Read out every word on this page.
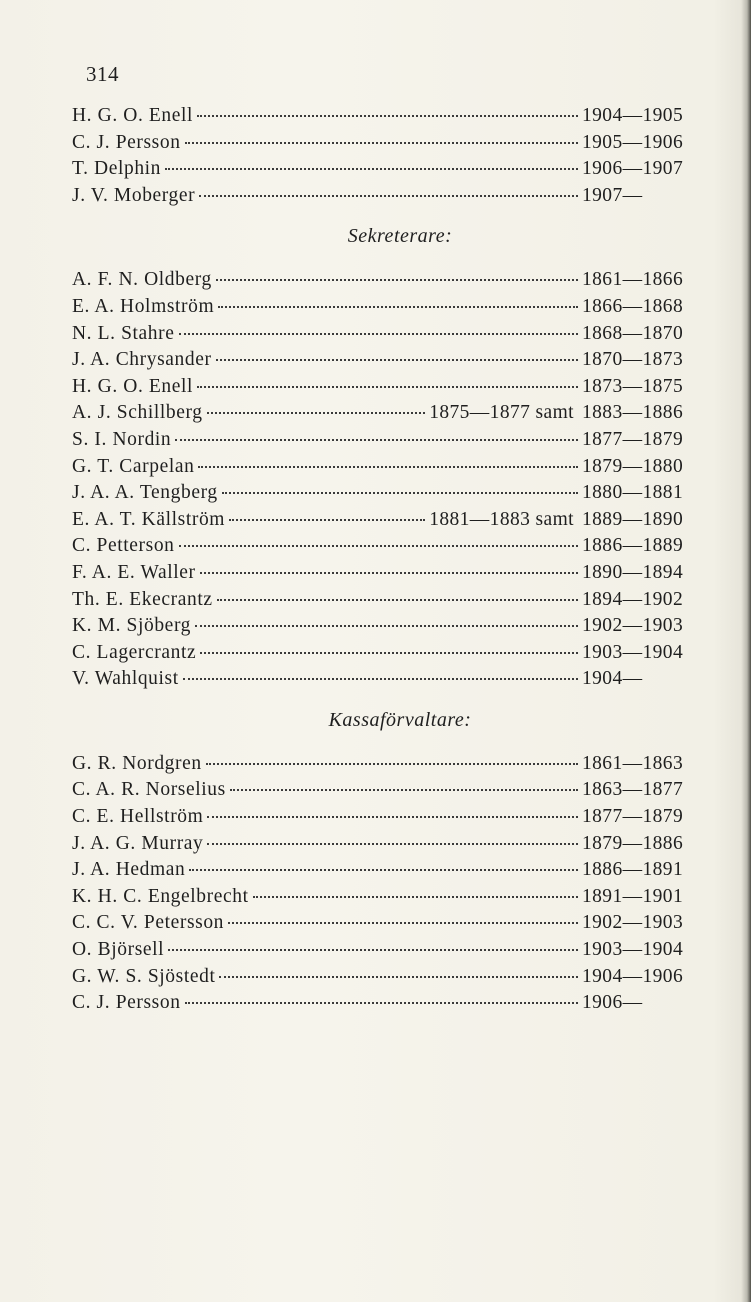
314
H. G. O. Enell	1904—1905
C. J. Persson	1905—1906
T. Delphin	1906—1907
J. V. Moberger	1907—
Sekreterare:
A. F. N. Oldberg	1861—1866
E. A. Holmström	1866—1868
N. L. Stahre	1868—1870
J. A. Chrysander	1870—1873
H. G. O. Enell	1873—1875
A. J. Schillberg	1875—1877 samt 1883—1886
S. I. Nordin	1877—1879
G. T. Carpelan	1879—1880
J. A. A. Tengberg	1880—1881
E. A. T. Källström	1881—1883 samt 1889—1890
C. Petterson	1886—1889
F. A. E. Waller	1890—1894
Th. E. Ekecrantz	1894—1902
K. M. Sjöberg	1902—1903
C. Lagercrantz	1903—1904
V. Wahlquist	1904—
Kassaförvaltare:
G. R. Nordgren	1861—1863
C. A. R. Norselius	1863—1877
C. E. Hellström	1877—1879
J. A. G. Murray	1879—1886
J. A. Hedman	1886—1891
K. H. C. Engelbrecht	1891—1901
C. C. V. Petersson	1902—1903
O. Björsell	1903—1904
G. W. S. Sjöstedt	1904—1906
C. J. Persson	1906—
